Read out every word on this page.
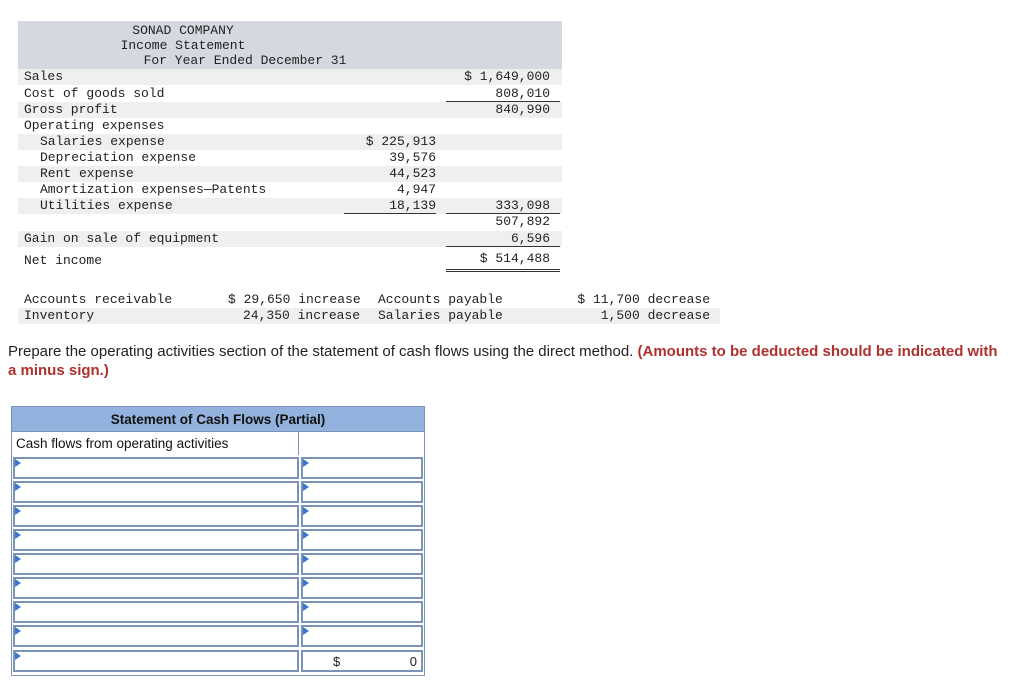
SONAD COMPANY
Income Statement
For Year Ended December 31
Sales	$ 1,649,000
Cost of goods sold	808,010
Gross profit	840,990
Operating expenses
Salaries expense	$ 225,913
Depreciation expense	39,576
Rent expense	44,523
Amortization expenses—Patents	4,947
Utilities expense	18,139	333,098
507,892
Gain on sale of equipment	6,596
Net income	$ 514,488
Accounts receivable	$ 29,650 increase Accounts payable	$ 11,700 decrease
Inventory	24,350 increase Salaries payable	1,500 decrease
Prepare the operating activities section of the statement of cash flows using the direct method. (Amounts to be deducted should be indicated with a minus sign.)
Statement of Cash Flows (Partial)
Cash flows from operating activities
$	0
